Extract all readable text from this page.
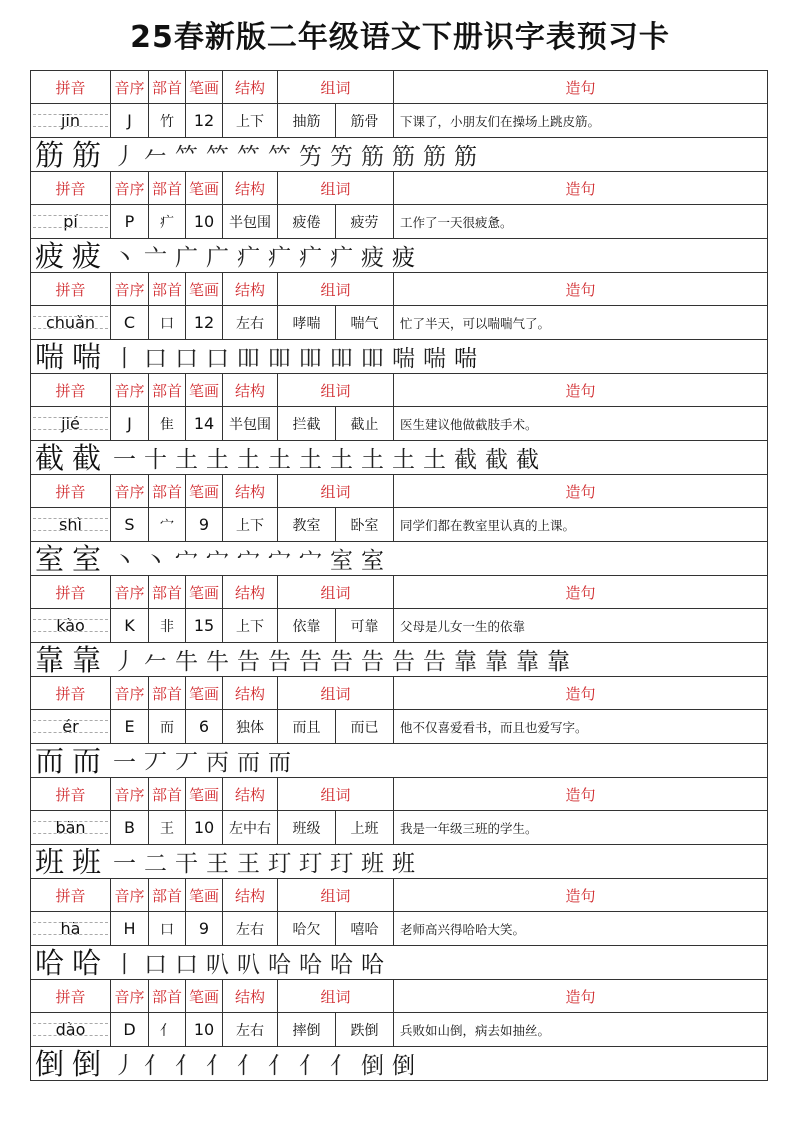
25春新版二年级语文下册识字表预习卡
拼音	音序 部首 笔画	结构	组词	造句
jīn	J	竹	12	上下	抽筋	筋骨	下课了，小朋友们在操场上跳皮筋。
筋 筋 丿 𠂉 𥫗 𥫗 𥫗 𥫗 竻 竻 筋 筋 筋 筋
拼音	音序 部首 笔画	结构	组词	造句
pí	P	疒	10	半包围	疲倦	疲劳	工作了一天很疲惫。
疲 疲 丶 亠 广 广 疒 疒 疒 疒 疲 疲
拼音	音序 部首 笔画	结构	组词	造句
chuǎn	C	口	12	左右	哮喘	喘气	忙了半天，可以喘喘气了。
喘 喘 丨 口 口 口 吅 吅 吅 吅 吅 喘 喘 喘
拼音	音序 部首 笔画	结构	组词	造句
jié	J	隹	14	半包围	拦截	截止	医生建议他做截肢手术。
截 截 一 十 土 土 土 土 土 土 土 土 土 截 截 截
拼音	音序 部首 笔画	结构	组词	造句
shì	S	宀	9	上下	教室	卧室	同学们都在教室里认真的上课。
室 室 丶 丶 宀 宀 宀 宀 宀 室 室
拼音	音序 部首 笔画	结构	组词	造句
kào	K	非	15	上下	依靠	可靠	父母是儿女一生的依靠
靠 靠 丿 𠂉 牛 牛 告 告 告 告 告 告 告 靠 靠 靠 靠
拼音	音序 部首 笔画	结构	组词	造句
ér	E	而	6	独体	而且	而已	他不仅喜爱看书，而且也爱写字。
而 而 一 丆 丆 丙 而 而
拼音	音序 部首 笔画	结构	组词	造句
bān	B	王	10	左中右	班级	上班	我是一年级三班的学生。
班 班 一 二 干 王 王 玎 玎 玎 班 班
拼音	音序 部首 笔画	结构	组词	造句
hā	H	口	9	左右	哈欠	嘻哈	老师高兴得哈哈大笑。
哈 哈 丨 口 口 叭 叭 哈 哈 哈 哈
拼音	音序 部首 笔画	结构	组词	造句
dào	D	亻	10	左右	摔倒	跌倒	兵败如山倒，病去如抽丝。
倒 倒 丿 亻 亻 亻 亻 亻 亻 亻 倒 倒
